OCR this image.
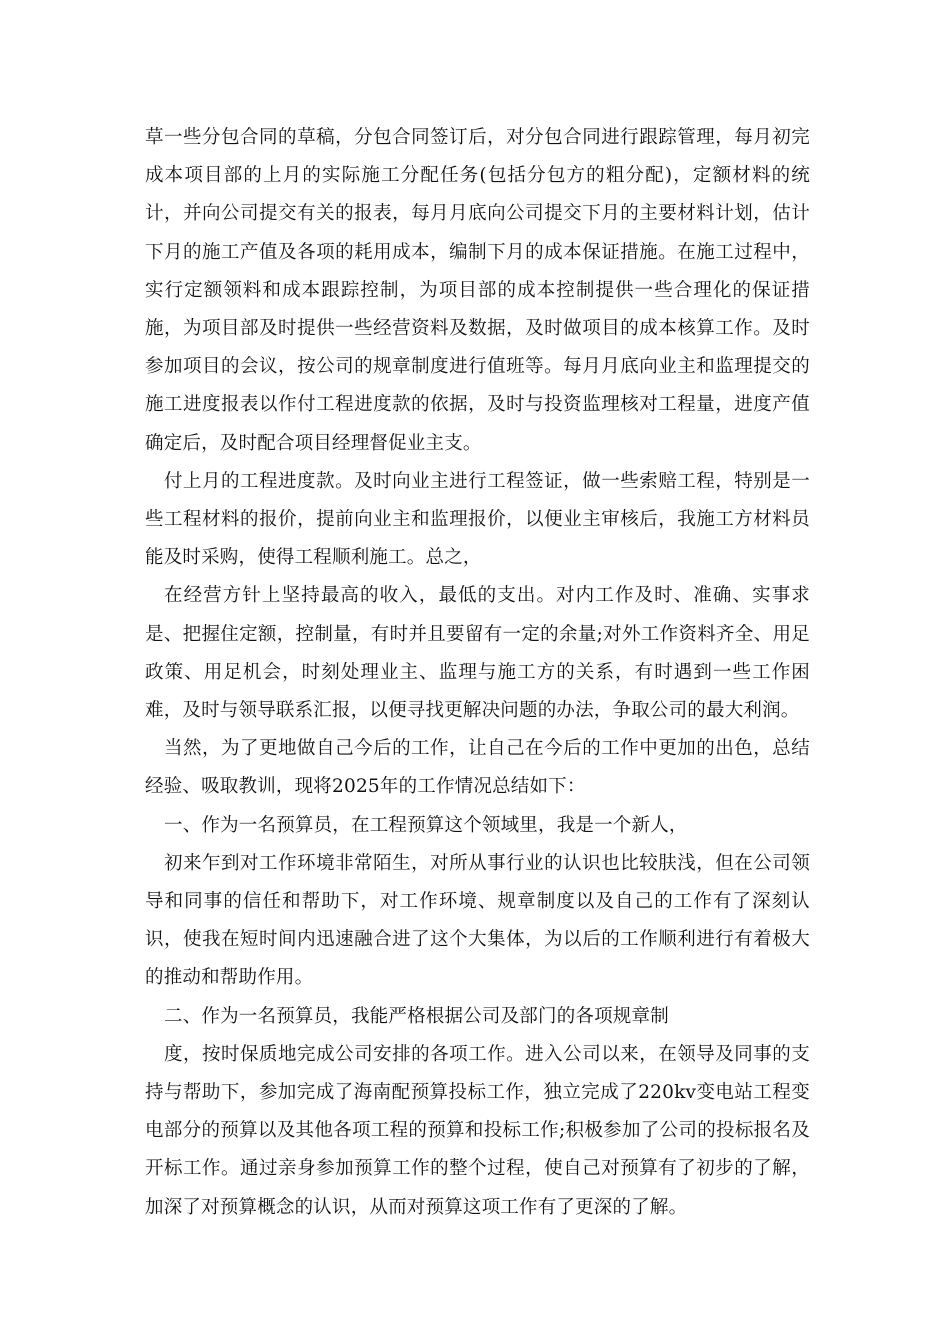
草一些分包合同的草稿，分包合同签订后，对分包合同进行跟踪管理，每月初完成本项目部的上月的实际施工分配任务(包括分包方的粗分配)，定额材料的统计，并向公司提交有关的报表，每月月底向公司提交下月的主要材料计划，估计下月的施工产值及各项的耗用成本，编制下月的成本保证措施。在施工过程中，实行定额领料和成本跟踪控制，为项目部的成本控制提供一些合理化的保证措施，为项目部及时提供一些经营资料及数据，及时做项目的成本核算工作。及时参加项目的会议，按公司的规章制度进行值班等。每月月底向业主和监理提交的施工进度报表以作付工程进度款的依据，及时与投资监理核对工程量，进度产值确定后，及时配合项目经理督促业主支。

付上月的工程进度款。及时向业主进行工程签证，做一些索赔工程，特别是一些工程材料的报价，提前向业主和监理报价，以便业主审核后，我施工方材料员能及时采购，使得工程顺利施工。总之，

在经营方针上坚持最高的收入，最低的支出。对内工作及时、准确、实事求是、把握住定额，控制量，有时并且要留有一定的余量;对外工作资料齐全、用足政策、用足机会，时刻处理业主、监理与施工方的关系，有时遇到一些工作困难，及时与领导联系汇报，以便寻找更解决问题的办法，争取公司的最大利润。

当然，为了更地做自己今后的工作，让自己在今后的工作中更加的出色，总结经验、吸取教训，现将2025年的工作情况总结如下：

一、作为一名预算员，在工程预算这个领域里，我是一个新人，

初来乍到对工作环境非常陌生，对所从事行业的认识也比较肤浅，但在公司领导和同事的信任和帮助下，对工作环境、规章制度以及自己的工作有了深刻认识，使我在短时间内迅速融合进了这个大集体，为以后的工作顺利进行有着极大的推动和帮助作用。

二、作为一名预算员，我能严格根据公司及部门的各项规章制

度，按时保质地完成公司安排的各项工作。进入公司以来，在领导及同事的支持与帮助下，参加完成了海南配预算投标工作，独立完成了220kv变电站工程变电部分的预算以及其他各项工程的预算和投标工作;积极参加了公司的投标报名及开标工作。通过亲身参加预算工作的整个过程，使自己对预算有了初步的了解，加深了对预算概念的认识，从而对预算这项工作有了更深的了解。
